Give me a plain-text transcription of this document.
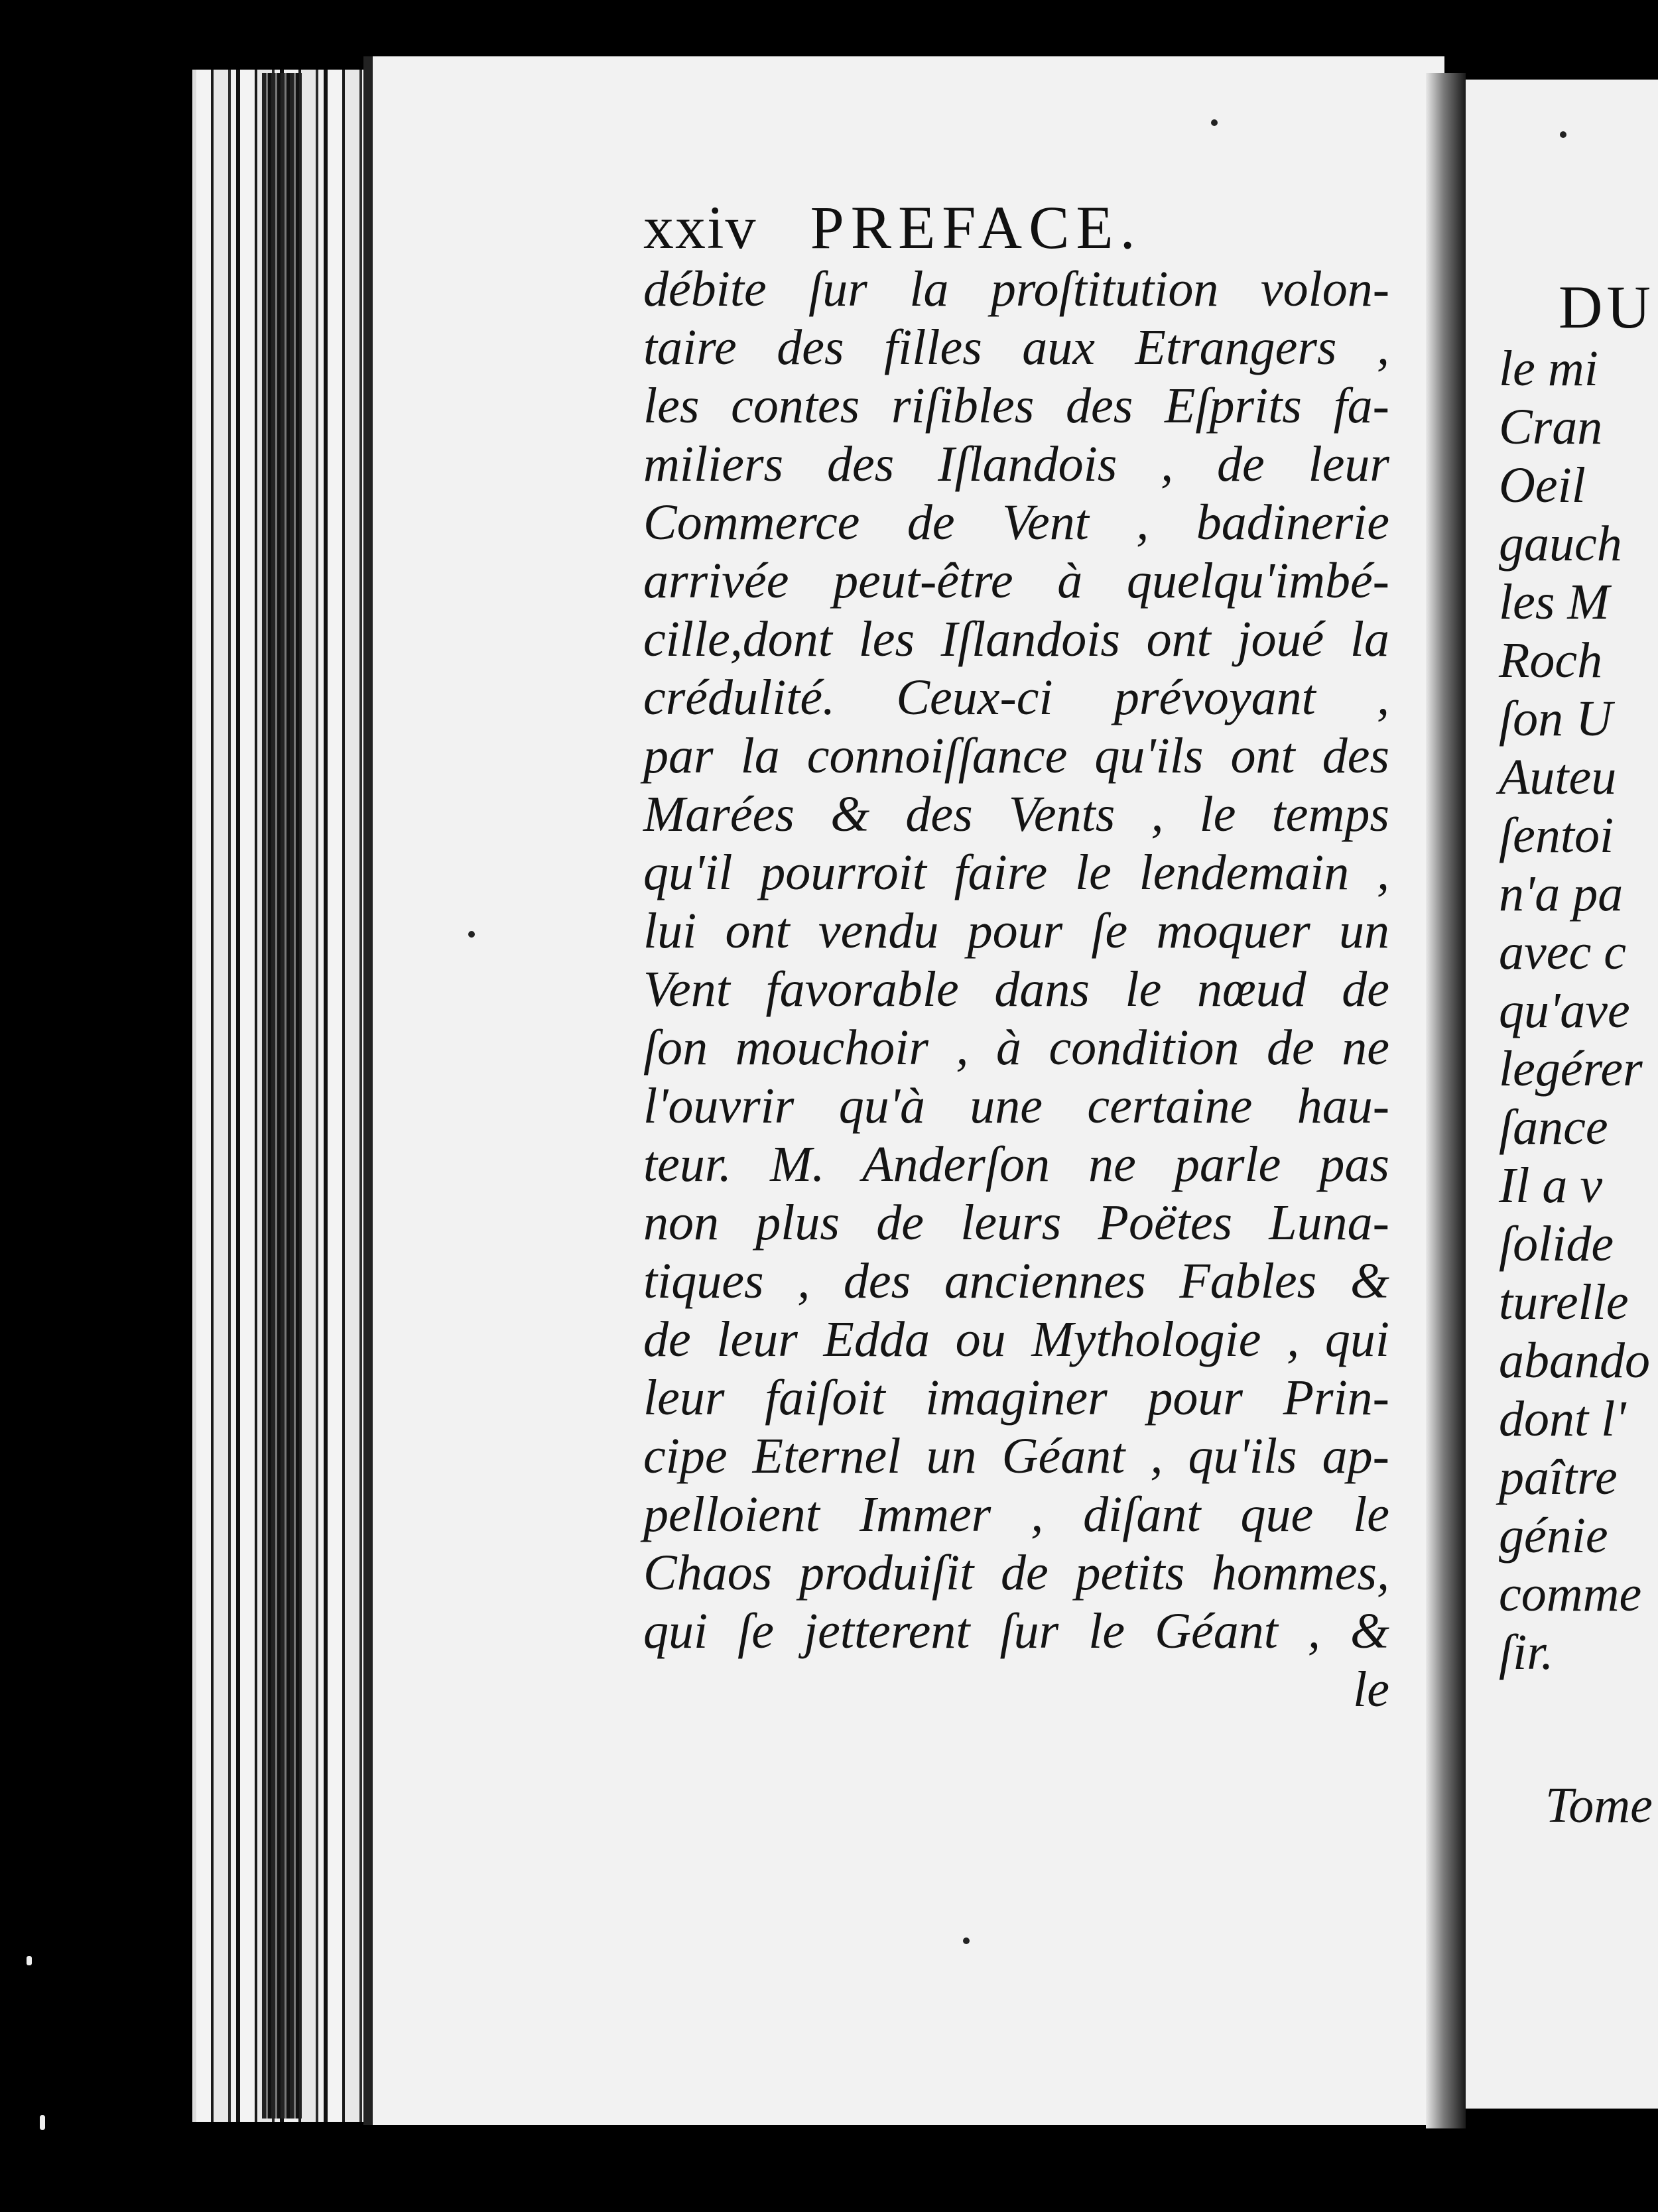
xxiv PREFACE.
débite ſur la proſtitution volon-
taire des filles aux Etrangers ,
les contes riſibles des Eſprits fa-
miliers des Iſlandois , de leur
Commerce de Vent , badinerie
arrivée peut-être à quelqu'imbé-
cille,dont les Iſlandois ont joué la
crédulité. Ceux-ci prévoyant ,
par la connoiſſance qu'ils ont des
Marées & des Vents , le temps
qu'il pourroit faire le lendemain ,
lui ont vendu pour ſe moquer un
Vent favorable dans le nœud de
ſon mouchoir , à condition de ne
l'ouvrir qu'à une certaine hau-
teur. M. Anderſon ne parle pas
non plus de leurs Poëtes Luna-
tiques , des anciennes Fables &
de leur Edda ou Mythologie , qui
leur faiſoit imaginer pour Prin-
cipe Eternel un Géant , qu'ils ap-
pelloient Immer , diſant que le
Chaos produiſit de petits hommes,
qui ſe jetterent ſur le Géant , &
le
DU
le mi
Cran
Oeil
gauch
les M
Roch
ſon U
Auteu
ſentoi
n'a pa
avec c
qu'ave
legérer
ſance
Il a v
ſolide
turelle
abando
dont l'
paître
génie
comme
ſir.
Tome
